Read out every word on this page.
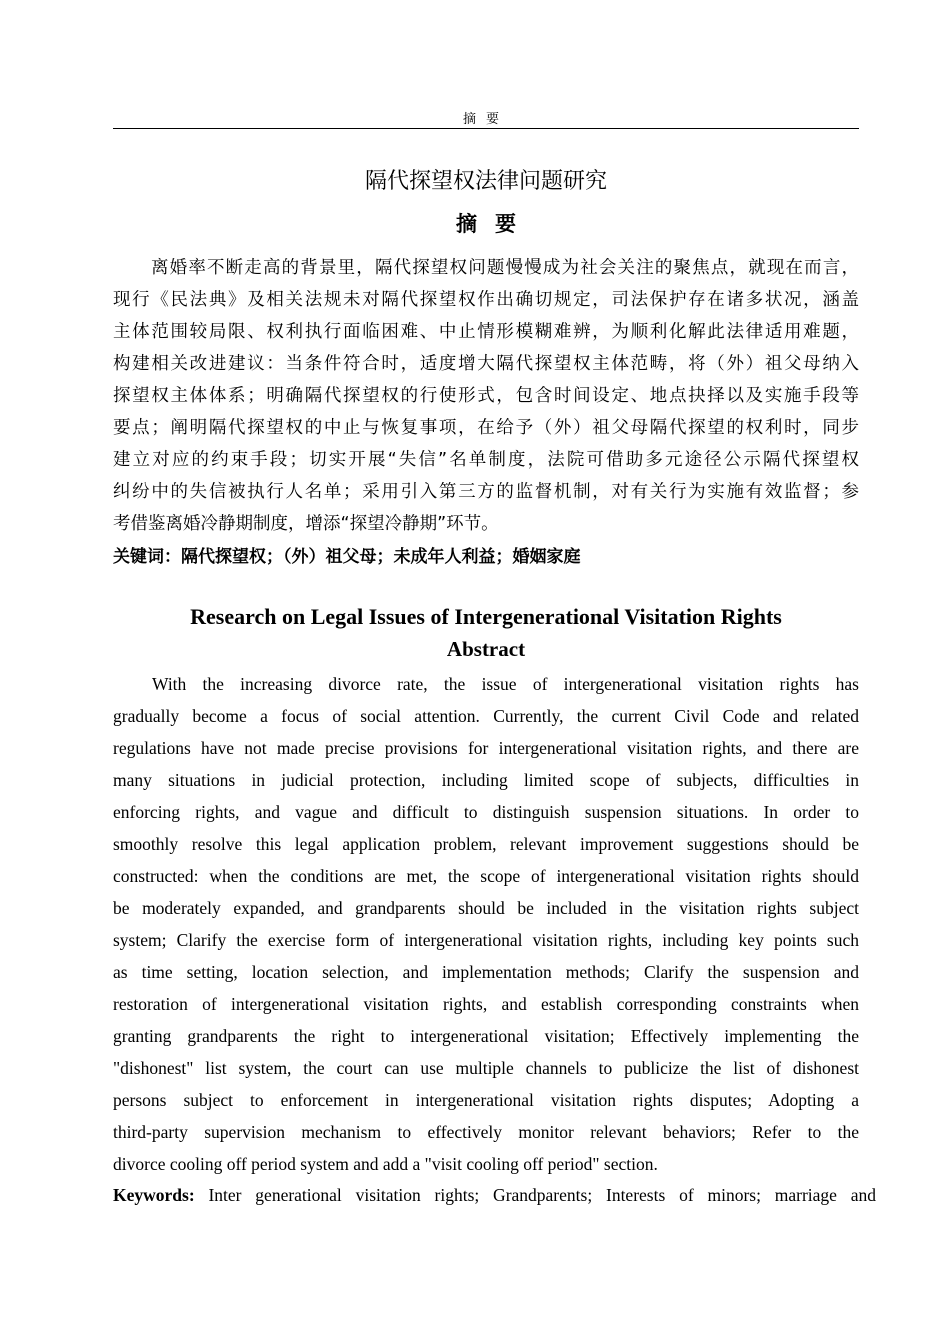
摘要
隔代探望权法律问题研究
摘要
离婚率不断走高的背景里，隔代探望权问题慢慢成为社会关注的聚焦点，就现在而言，
现行《民法典》及相关法规未对隔代探望权作出确切规定，司法保护存在诸多状况，涵盖
主体范围较局限、权利执行面临困难、中止情形模糊难辨，为顺利化解此法律适用难题，
构建相关改进建议：当条件符合时，适度增大隔代探望权主体范畴，将（外）祖父母纳入
探望权主体体系；明确隔代探望权的行使形式，包含时间设定、地点抉择以及实施手段等
要点；阐明隔代探望权的中止与恢复事项，在给予（外）祖父母隔代探望的权利时，同步
建立对应的约束手段；切实开展“失信”名单制度，法院可借助多元途径公示隔代探望权
纠纷中的失信被执行人名单；采用引入第三方的监督机制，对有关行为实施有效监督；参
考借鉴离婚冷静期制度，增添“探望冷静期”环节。
关键词：隔代探望权；（外）祖父母；未成年人利益；婚姻家庭
Research on Legal Issues of Intergenerational Visitation Rights
Abstract
With the increasing divorce rate, the issue of intergenerational visitation rights has
gradually become a focus of social attention. Currently, the current Civil Code and related
regulations have not made precise provisions for intergenerational visitation rights, and there are
many situations in judicial protection, including limited scope of subjects, difficulties in
enforcing rights, and vague and difficult to distinguish suspension situations. In order to
smoothly resolve this legal application problem, relevant improvement suggestions should be
constructed: when the conditions are met, the scope of intergenerational visitation rights should
be moderately expanded, and grandparents should be included in the visitation rights subject
system; Clarify the exercise form of intergenerational visitation rights, including key points such
as time setting, location selection, and implementation methods; Clarify the suspension and
restoration of intergenerational visitation rights, and establish corresponding constraints when
granting grandparents the right to intergenerational visitation; Effectively implementing the
"dishonest" list system, the court can use multiple channels to publicize the list of dishonest
persons subject to enforcement in intergenerational visitation rights disputes; Adopting a
third-party supervision mechanism to effectively monitor relevant behaviors; Refer to the
divorce cooling off period system and add a "visit cooling off period" section.
Keywords: Inter generational visitation rights; Grandparents; Interests of minors; marriage and
